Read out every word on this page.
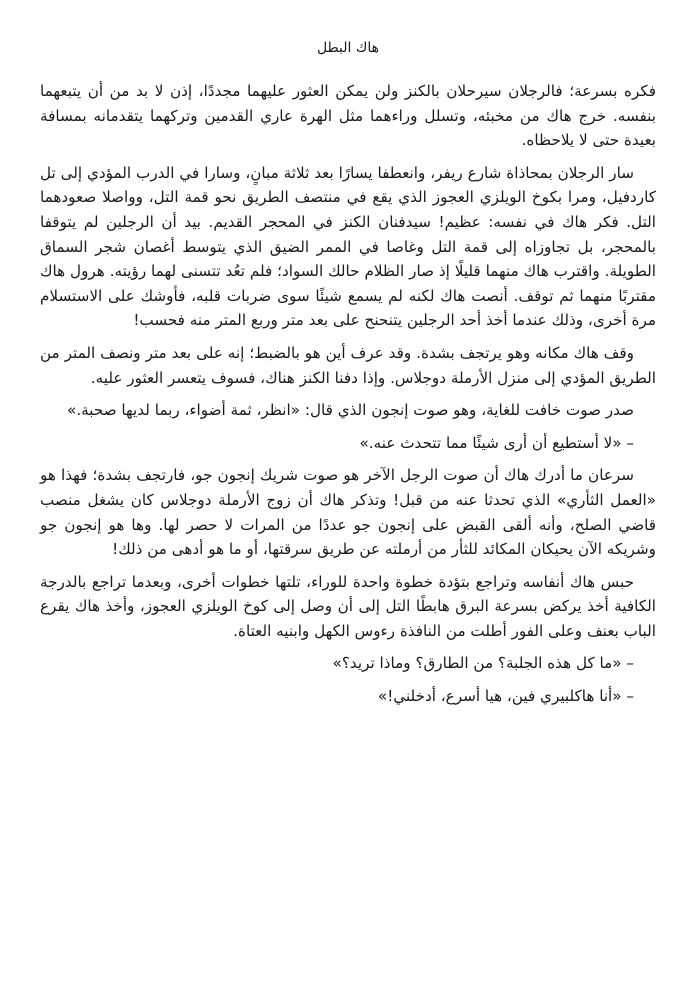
هاك البطل

فكره بسرعة؛ فالرجلان سيرحلان بالكنز ولن يمكن العثور عليهما مجددًا، إذن لا بد من أن يتبعهما بنفسه. خرج هاك من مخبئه، وتسلل وراءهما مثل الهرة عاري القدمين وتركهما يتقدمانه بمسافة بعيدة حتى لا يلاحظاه.

سار الرجلان بمحاذاة شارع ريفر، وانعطفا يسارًا بعد ثلاثة مبانٍ، وسارا في الدرب المؤدي إلى تل كاردفيل، ومرا بكوخ الويلزي العجوز الذي يقع في منتصف الطريق نحو قمة التل، وواصلا صعودهما التل. فكر هاك في نفسه: عظيم! سيدفنان الكنز في المحجر القديم. بيد أن الرجلين لم يتوقفا بالمحجر، بل تجاوزاه إلى قمة التل وغاصا في الممر الضيق الذي يتوسط أغصان شجر السماق الطويلة. واقترب هاك منهما قليلًا إذ صار الظلام حالك السواد؛ فلم تعُد تتسنى لهما رؤيته. هرول هاك مقتربًا منهما ثم توقف. أنصت هاك لكنه لم يسمع شيئًا سوى ضربات قلبه، فأوشك على الاستسلام مرة أخرى، وذلك عندما أخذ أحد الرجلين يتنحنح على بعد متر وربع المتر منه فحسب!

وقف هاك مكانه وهو يرتجف بشدة. وقد عرف أين هو بالضبط؛ إنه على بعد متر ونصف المتر من الطريق المؤدي إلى منزل الأرملة دوجلاس. وإذا دفنا الكنز هناك، فسوف يتعسر العثور عليه.

صدر صوت خافت للغاية، وهو صوت إنجون الذي قال: «انظر، ثمة أضواء، ربما لديها صحبة.»

– «لا أستطيع أن أرى شيئًا مما تتحدث عنه.»

سرعان ما أدرك هاك أن صوت الرجل الآخر هو صوت شريك إنجون جو، فارتجف بشدة؛ فهذا هو «العمل الثأري» الذي تحدثا عنه من قبل! وتذكر هاك أن زوج الأرملة دوجلاس كان يشغل منصب قاضي الصلح، وأنه ألقى القبض على إنجون جو عددًا من المرات لا حصر لها. وها هو إنجون جو وشريكه الآن يحيكان المكائد للثأر من أرملته عن طريق سرقتها، أو ما هو أدهى من ذلك!

حبس هاك أنفاسه وتراجع بتؤدة خطوة واحدة للوراء، تلتها خطوات أخرى، وبعدما تراجع بالدرجة الكافية أخذ يركض بسرعة البرق هابطًا التل إلى أن وصل إلى كوخ الويلزي العجوز، وأخذ هاك يقرع الباب بعنف وعلى الفور أطلت من النافذة رءوس الكهل وابنيه العتاة.

– «ما كل هذه الجلبة؟ من الطارق؟ وماذا تريد؟»

– «أنا هاكلبيري فين، هيا أسرع، أدخلني!»
